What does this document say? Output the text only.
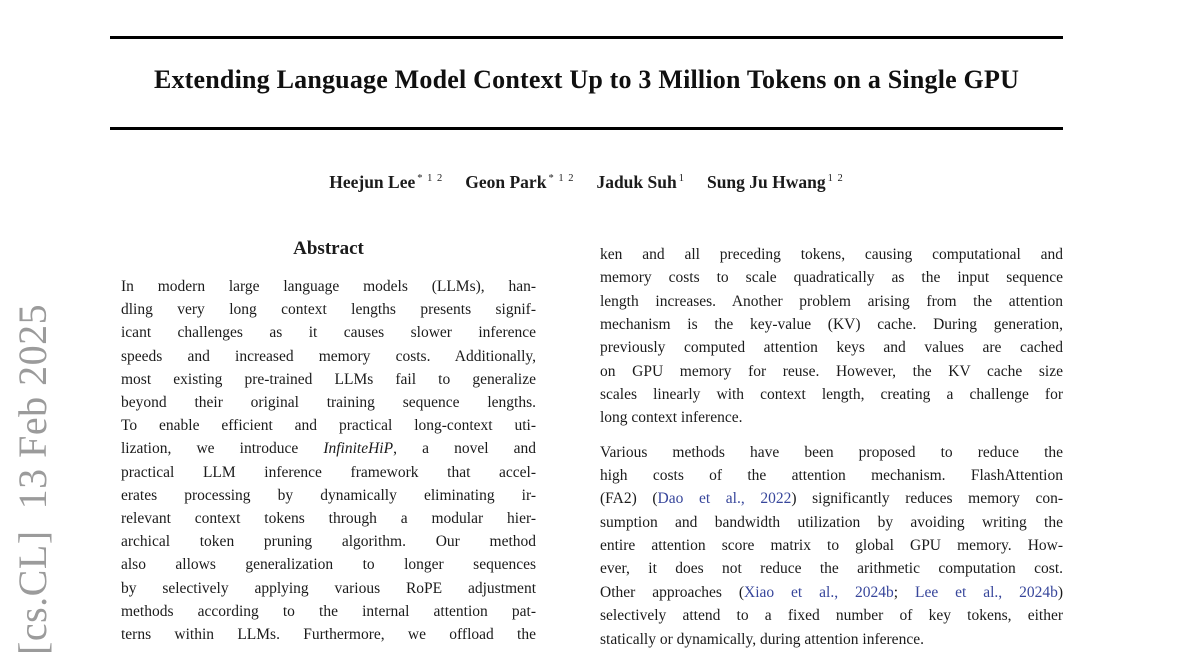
[cs.CL]  13 Feb 2025
Extending Language Model Context Up to 3 Million Tokens on a Single GPU
Heejun Lee $^{* 1 2}$ Geon Park $^{* 1 2}$ Jaduk Suh $^1$ Sung Ju Hwang $^{1 2}$
Abstract
In modern large language models (LLMs), han-
dling very long context lengths presents signif-
icant challenges as it causes slower inference
speeds and increased memory costs. Additionally,
most existing pre-trained LLMs fail to generalize
beyond their original training sequence lengths.
To enable efficient and practical long-context uti-
lization, we introduce InfiniteHiP, a novel and
practical LLM inference framework that accel-
erates processing by dynamically eliminating ir-
relevant context tokens through a modular hier-
archical token pruning algorithm. Our method
also allows generalization to longer sequences
by selectively applying various RoPE adjustment
methods according to the internal attention pat-
terns within LLMs. Furthermore, we offload the
ken and all preceding tokens, causing computational and
memory costs to scale quadratically as the input sequence
length increases. Another problem arising from the attention
mechanism is the key-value (KV) cache. During generation,
previously computed attention keys and values are cached
on GPU memory for reuse. However, the KV cache size
scales linearly with context length, creating a challenge for
long context inference.
Various methods have been proposed to reduce the
high costs of the attention mechanism. FlashAttention
(FA2) (Dao et al., 2022) significantly reduces memory con-
sumption and bandwidth utilization by avoiding writing the
entire attention score matrix to global GPU memory. How-
ever, it does not reduce the arithmetic computation cost.
Other approaches (Xiao et al., 2024b; Lee et al., 2024b)
selectively attend to a fixed number of key tokens, either
statically or dynamically, during attention inference.
